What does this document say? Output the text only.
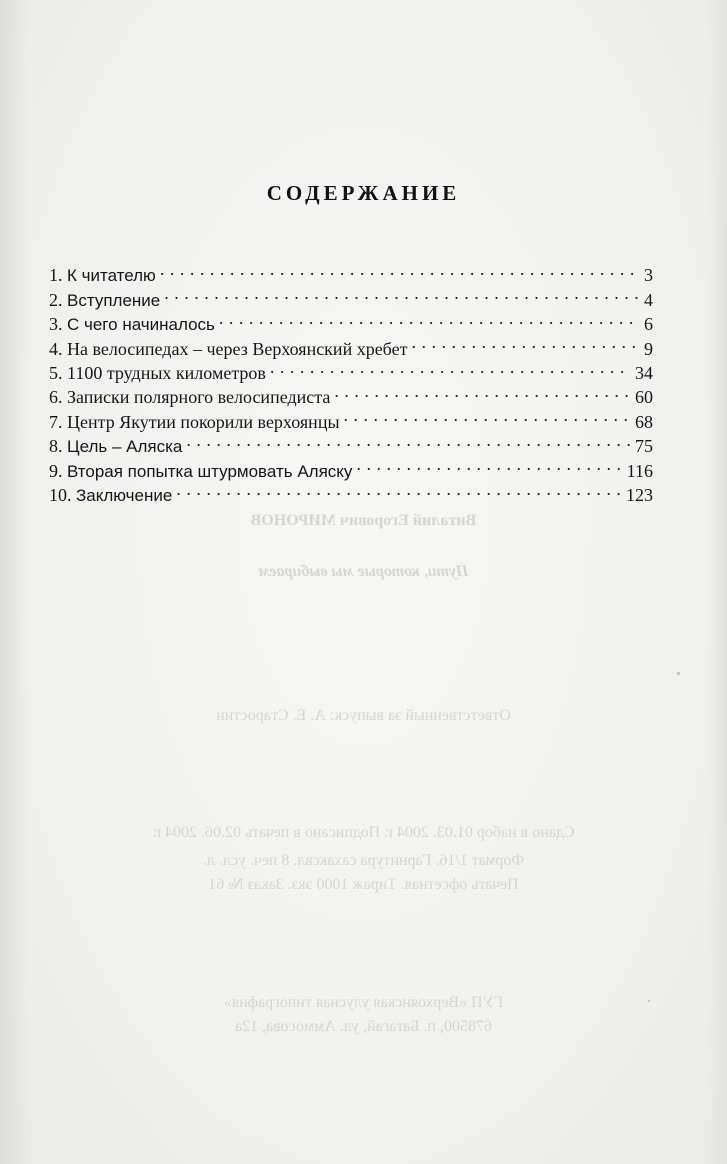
Виталий Егорович МИРОНОВ
Пути, которые мы выбираем
Ответственный за выпуск: А. Е. Старостин
Сдано в набор 01.03. 2004 г. Подписано в печать 02.06. 2004 г.
Формат 1/16. Гарнитура сахаксвл. 8 печ. усл. л.
Печать офсетная. Тираж 1000 экз. Заказ № 61
ГУП «Верхоянская улусная типография»
678500, п. Батагай, ул. Аммосова, 12а
СОДЕРЖАНИЕ
1. К читателю . . .	3
2. Вступление . . .	4
3. С чего начиналось . . .	6
4. На велосипедах – через Верхоянский хребет . . .	9
5. 1100 трудных километров . . .	34
6. Записки полярного велосипедиста . . .	60
7. Центр Якутии покорили верхоянцы . . .	68
8. Цель – Аляска . . .	75
9. Вторая попытка штурмовать Аляску . . .	116
10. Заключение . . .	123
